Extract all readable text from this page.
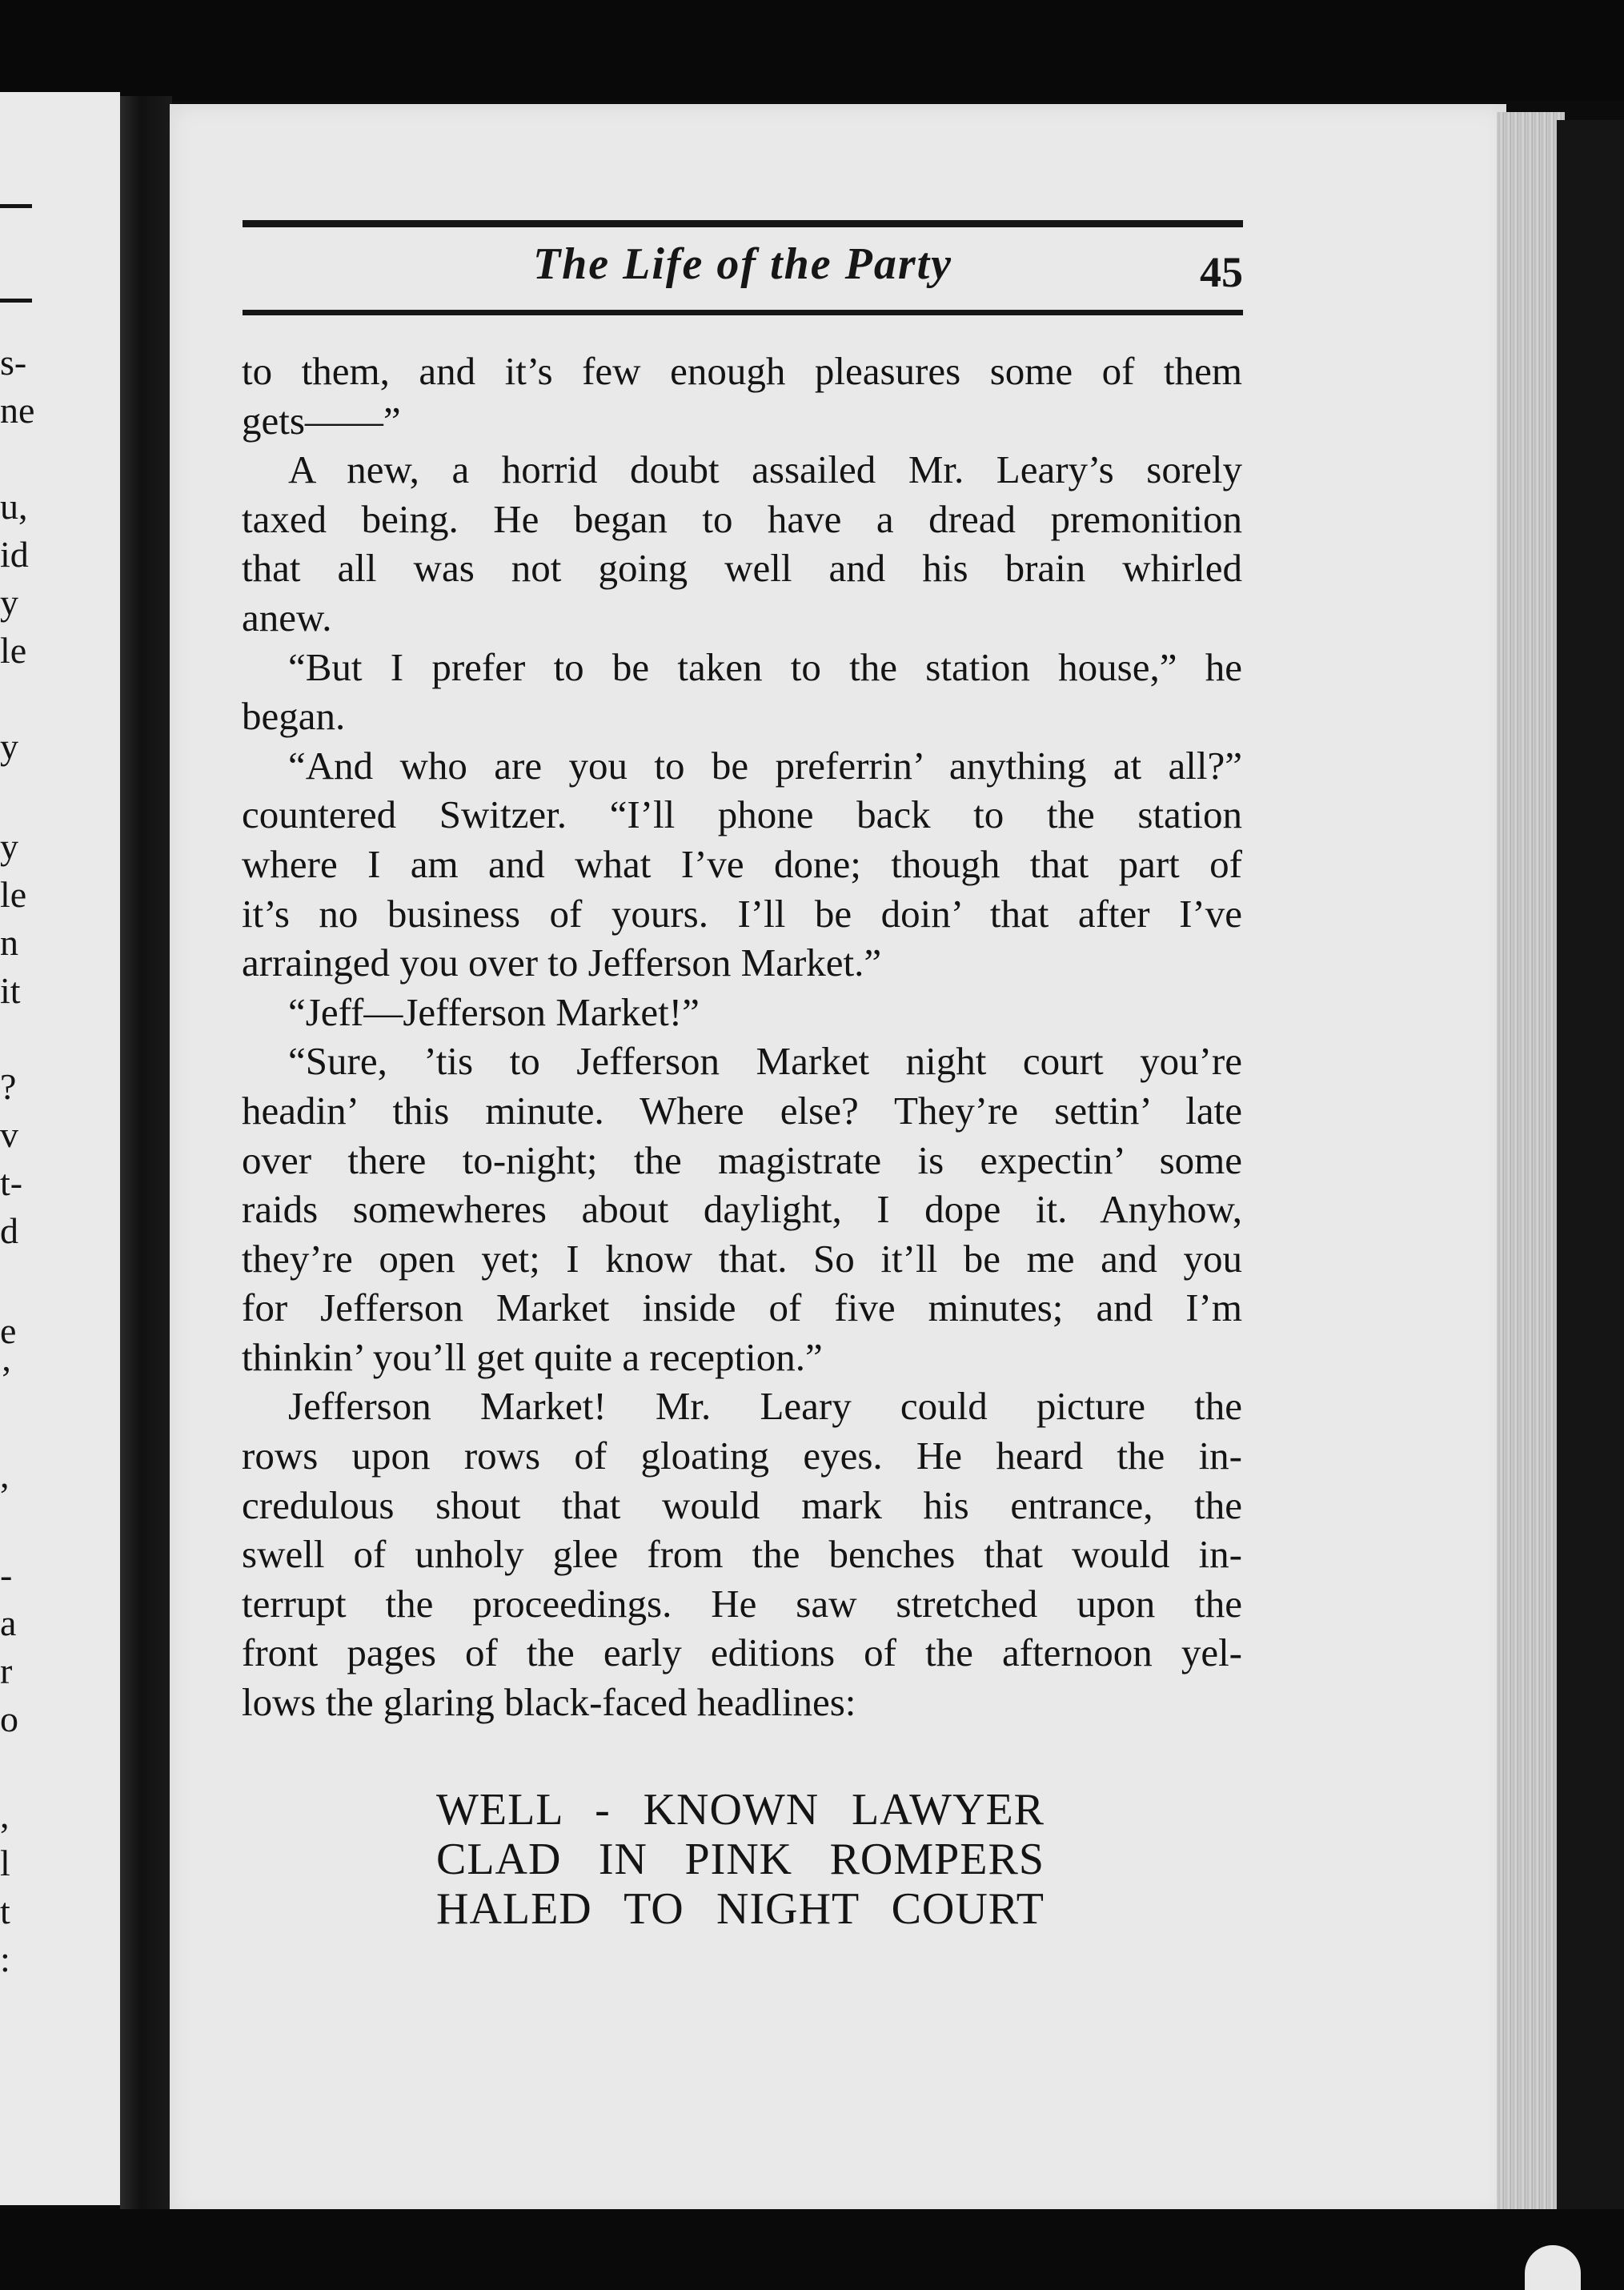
s-
ne
u,
id
y
le
y
y
le
n
it
?
v
t-
d
e
’
,
-
a
r
o
,
l
t
:
The Life of the Party	45

to them, and it’s few enough pleasures some of them

gets——”

A new, a horrid doubt assailed Mr. Leary’s sorely

taxed being. He began to have a dread premonition

that all was not going well and his brain whirled

anew.

“But I prefer to be taken to the station house,” he

began.

“And who are you to be preferrin’ anything at all?”

countered Switzer. “I’ll phone back to the station

where I am and what I’ve done; though that part of

it’s no business of yours. I’ll be doin’ that after I’ve

arrainged you over to Jefferson Market.”

“Jeff—Jefferson Market!”

“Sure, ’tis to Jefferson Market night court you’re

headin’ this minute. Where else? They’re settin’ late

over there to-night; the magistrate is expectin’ some

raids somewheres about daylight, I dope it. Anyhow,

they’re open yet; I know that. So it’ll be me and you

for Jefferson Market inside of five minutes; and I’m

thinkin’ you’ll get quite a reception.”

Jefferson Market! Mr. Leary could picture the

rows upon rows of gloating eyes. He heard the in-

credulous shout that would mark his entrance, the

swell of unholy glee from the benches that would in-

terrupt the proceedings. He saw stretched upon the

front pages of the early editions of the afternoon yel-

lows the glaring black-faced headlines:

WELL - KNOWN LAWYER
CLAD IN PINK ROMPERS
HALED TO NIGHT COURT
